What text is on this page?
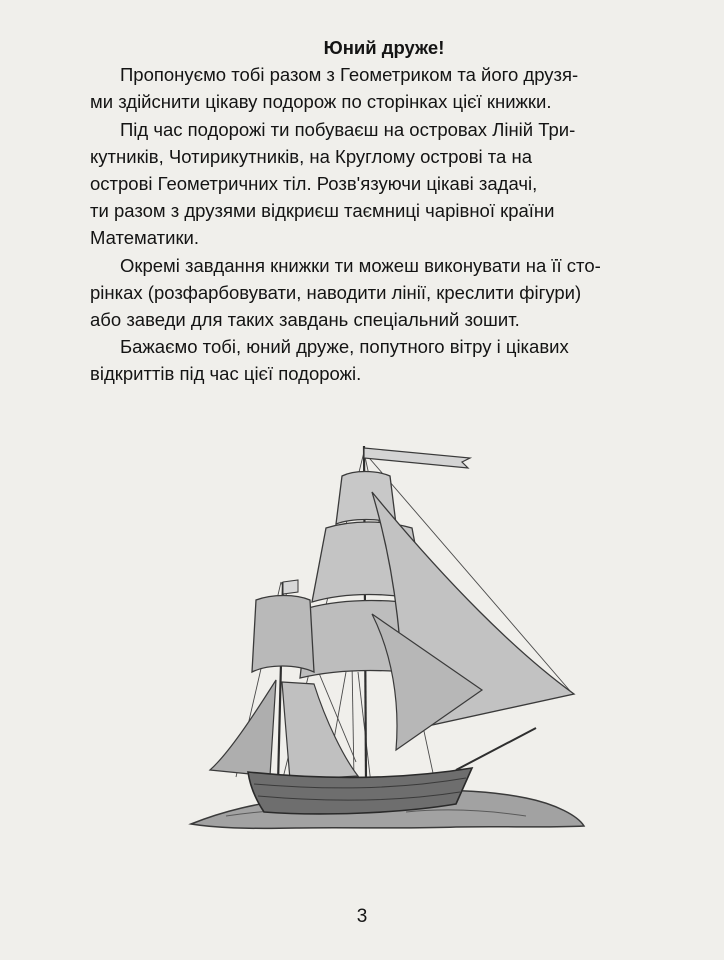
Юний друже!

Пропонуємо тобі разом з Геометриком та його друзя-
ми здійснити цікаву подорож по сторінках цієї книжки.

Під час подорожі ти побуваєш на островах Ліній Три-
кутників, Чотирикутників, на Круглому острові та на
острові Геометричних тіл. Розв'язуючи цікаві задачі,
ти разом з друзями відкриєш таємниці чарівної країни
Математики.

Окремі завдання книжки ти можеш виконувати на її сто-
рінках (розфарбовувати, наводити лінії, креслити фігури)
або заведи для таких завдань спеціальний зошит.

Бажаємо тобі, юний друже, попутного вітру і цікавих
відкриттів під час цієї подорожі.

3
